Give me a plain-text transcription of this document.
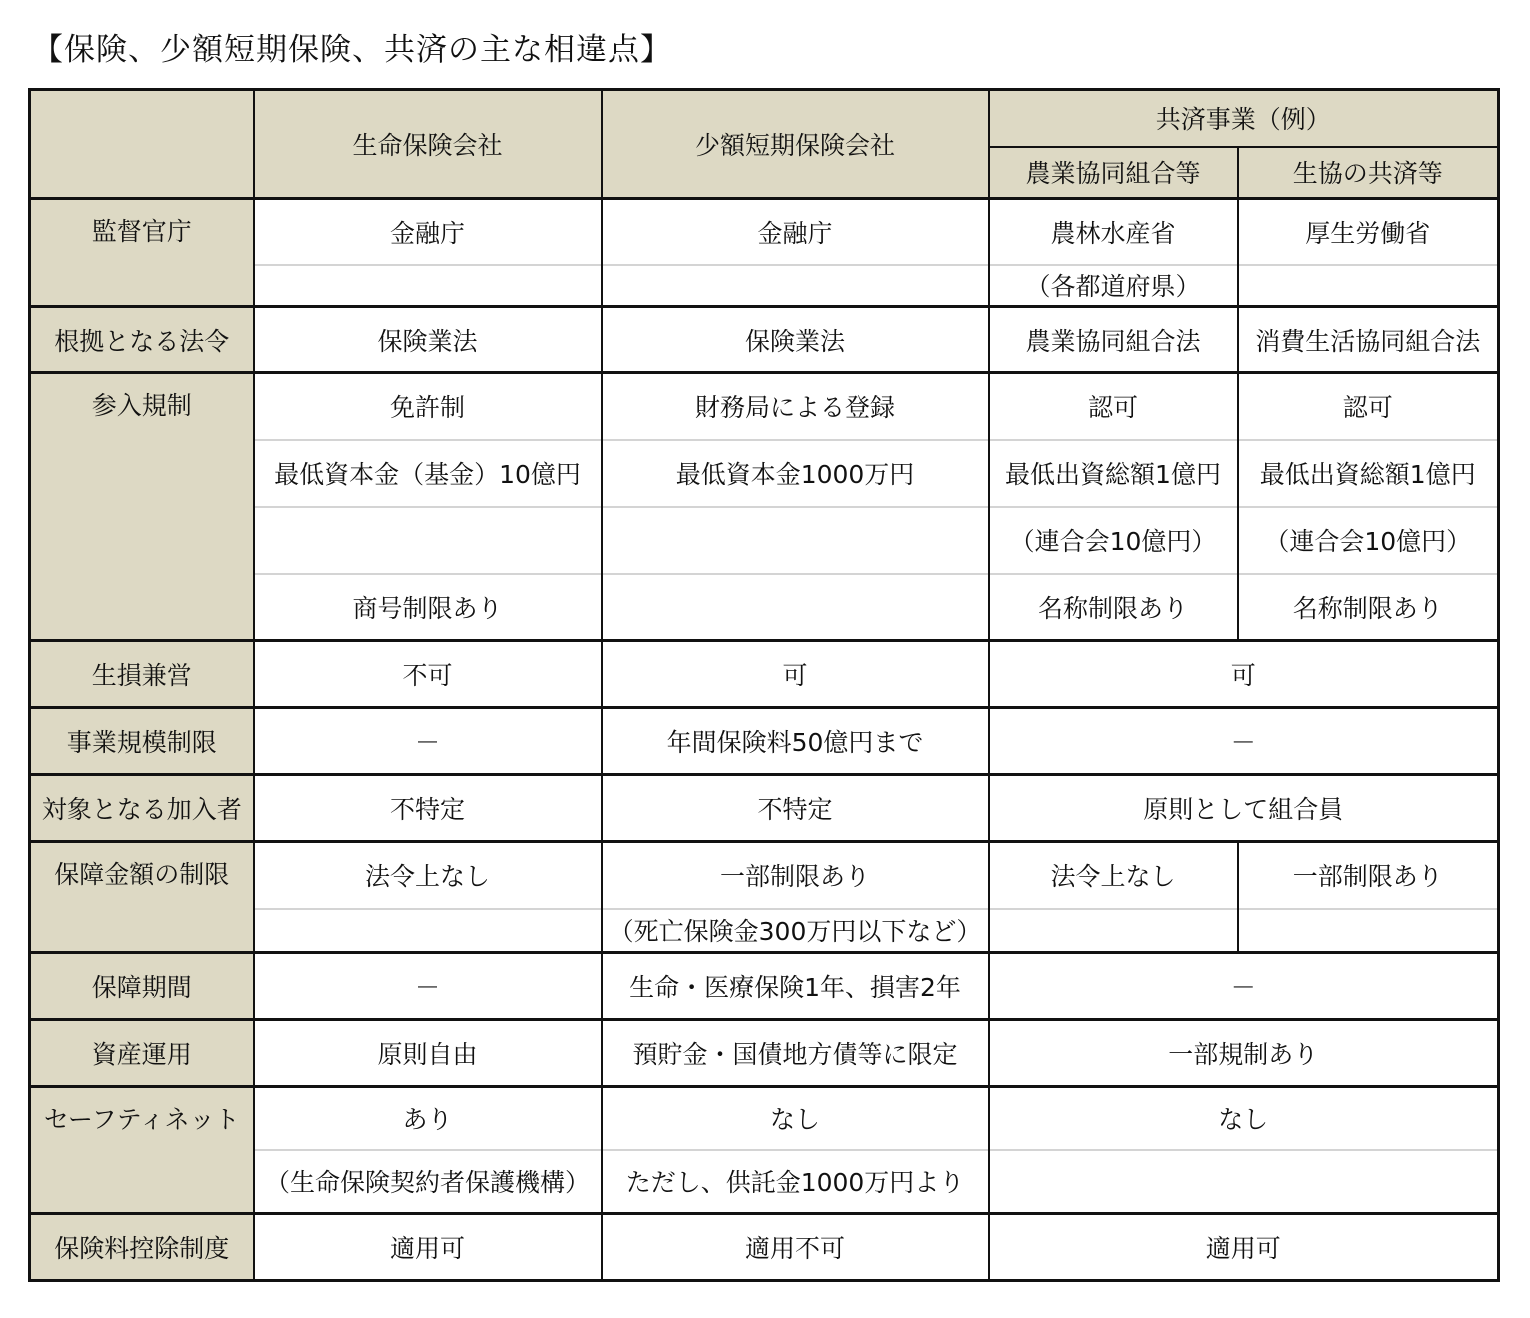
【保険、少額短期保険、共済の主な相違点】
	生命保険会社	少額短期保険会社	共済事業（例）	
			農業協同組合等	生協の共済等
監督官庁	金融庁	金融庁	農林水産省	厚生労働省
			（各都道府県）	
根拠となる法令	保険業法	保険業法	農業協同組合法	消費生活協同組合法
参入規制	免許制	財務局による登録	認可	認可
	最低資本金（基金）10億円	最低資本金1000万円	最低出資総額1億円	最低出資総額1億円
			（連合会10億円）	（連合会10億円）
	商号制限あり		名称制限あり	名称制限あり
生損兼営	不可	可	可	
事業規模制限	－	年間保険料50億円まで	－	
対象となる加入者	不特定	不特定	原則として組合員	
保障金額の制限	法令上なし	一部制限あり	法令上なし	一部制限あり
		（死亡保険金300万円以下など）		
保障期間	－	生命・医療保険1年、損害2年	－	
資産運用	原則自由	預貯金・国債地方債等に限定	一部規制あり	
セーフティネット	あり	なし	なし	
	（生命保険契約者保護機構）	ただし、供託金1000万円より		
保険料控除制度	適用可	適用不可	適用可	
